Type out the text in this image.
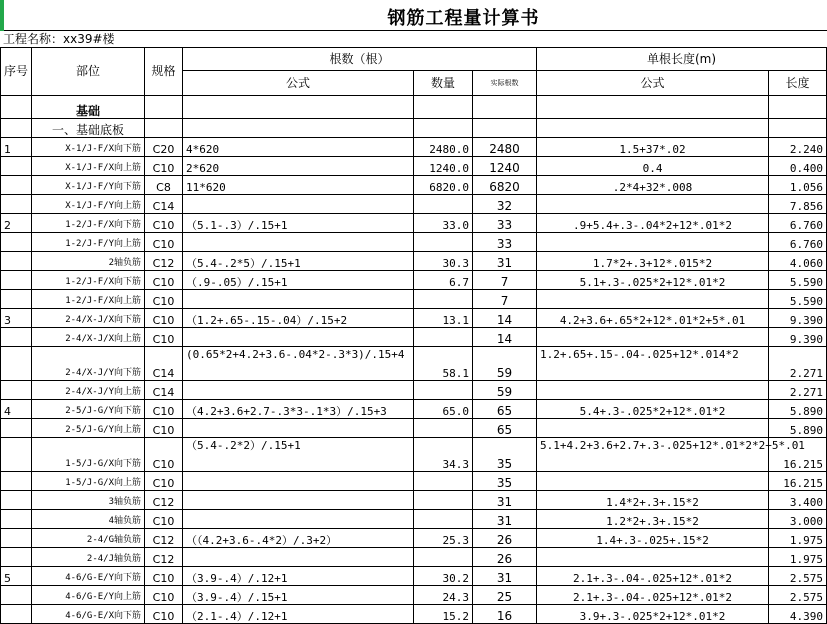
钢筋工程量计算书
工程名称：xx39#楼
序号	部位	规格	根数（根）			单根长度(m)	
			公式	数量	实际根数	公式	长度
	基础						
	一、基础底板						
1	X-1/J-F/X向下筋	C20	4*620	2480.0	2480	1.5+37*.02	2.240
	X-1/J-F/X向上筋	C10	2*620	1240.0	1240	0.4	0.400
	X-1/J-F/Y向下筋	C8	11*620	6820.0	6820	.2*4+32*.008	1.056
	X-1/J-F/Y向上筋	C14			32		7.856
2	1-2/J-F/X向下筋	C10	（5.1-.3）/.15+1	33.0	33	.9+5.4+.3-.04*2+12*.01*2	6.760
	1-2/J-F/Y向上筋	C10			33		6.760
	2轴负筋	C12	（5.4-.2*5）/.15+1	30.3	31	1.7*2+.3+12*.015*2	4.060
	1-2/J-F/X向下筋	C10	（.9-.05）/.15+1	6.7	7	5.1+.3-.025*2+12*.01*2	5.590
	1-2/J-F/X向上筋	C10			7		5.590
3	2-4/X-J/X向下筋	C10	（1.2+.65-.15-.04）/.15+2	13.1	14	4.2+3.6+.65*2+12*.01*2+5*.01	9.390
	2-4/X-J/X向上筋	C10			14		9.390
	2-4/X-J/Y向下筋	C14	(0.65*2+4.2+3.6-.04*2-.3*3)/.15+4	58.1	59	1.2+.65+.15-.04-.025+12*.014*2	2.271
	2-4/X-J/Y向上筋	C14			59		2.271
4	2-5/J-G/Y向下筋	C10	（4.2+3.6+2.7-.3*3-.1*3）/.15+3	65.0	65	5.4+.3-.025*2+12*.01*2	5.890
	2-5/J-G/Y向上筋	C10			65		5.890
	1-5/J-G/X向下筋	C10	（5.4-.2*2）/.15+1	34.3	35	5.1+4.2+3.6+2.7+.3-.025+12*.01*2*2+5*.01	16.215
	1-5/J-G/X向上筋	C10			35		16.215
	3轴负筋	C12			31	1.4*2+.3+.15*2	3.400
	4轴负筋	C10			31	1.2*2+.3+.15*2	3.000
	2-4/G轴负筋	C12	（（4.2+3.6-.4*2）/.3+2）	25.3	26	1.4+.3-.025+.15*2	1.975
	2-4/J轴负筋	C12			26		1.975
5	4-6/G-E/Y向下筋	C10	（3.9-.4）/.12+1	30.2	31	2.1+.3-.04-.025+12*.01*2	2.575
	4-6/G-E/Y向上筋	C10	（3.9-.4）/.15+1	24.3	25	2.1+.3-.04-.025+12*.01*2	2.575
	4-6/G-E/X向下筋	C10	（2.1-.4）/.12+1	15.2	16	3.9+.3-.025*2+12*.01*2	4.390
